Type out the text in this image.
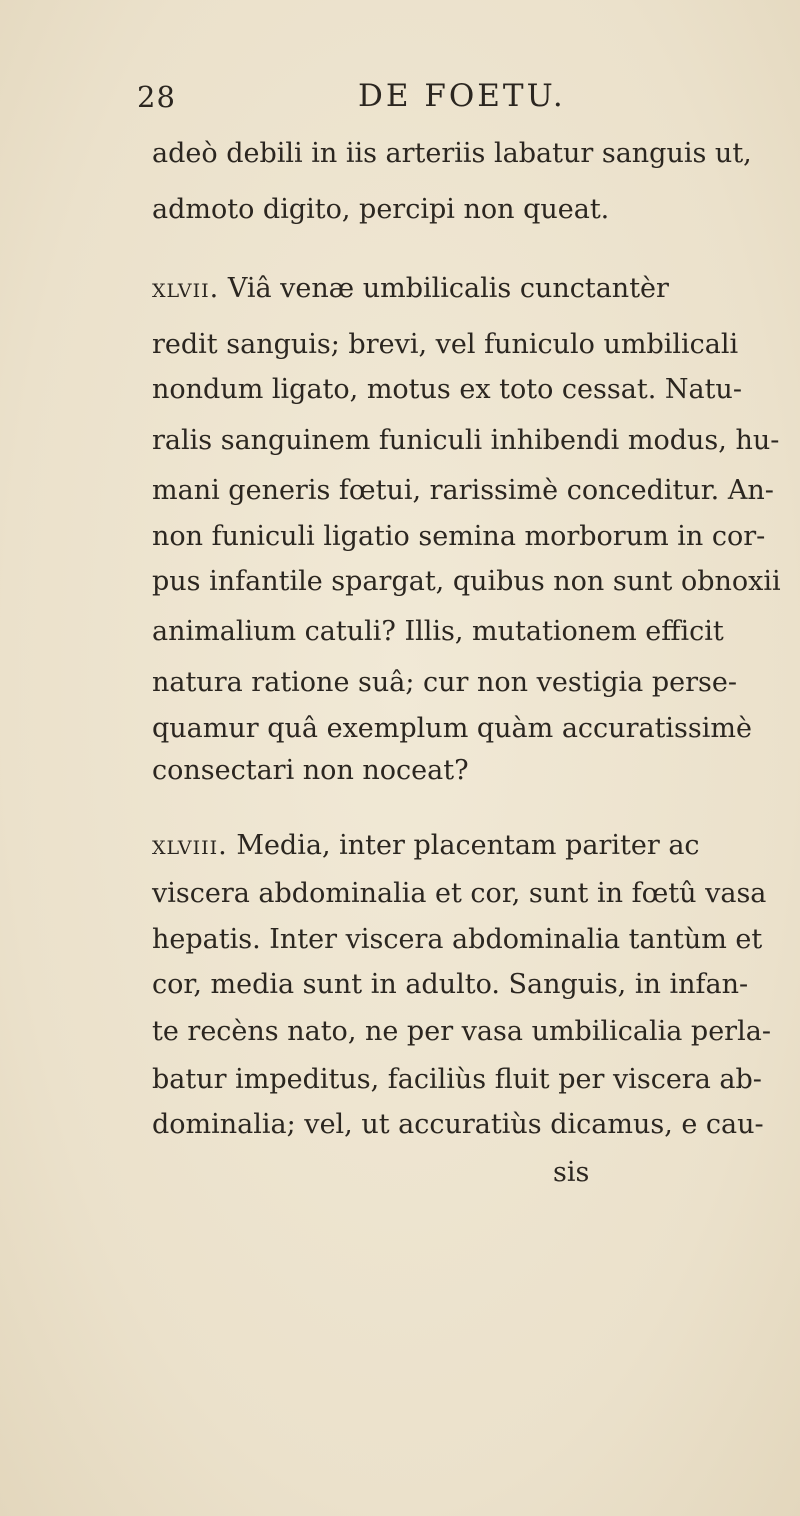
28	DE FOETU.
adeò debili in iis arteriis labatur sanguis ut,
admoto digito, percipi non queat.
xlvii. Viâ venæ umbilicalis cunctantèr
redit sanguis; brevi, vel funiculo umbilicali
nondum ligato, motus ex toto cessat. Natu-
ralis sanguinem funiculi inhibendi modus, hu-
mani generis fœtui, rarissimè conceditur. An-
non funiculi ligatio semina morborum in cor-
pus infantile spargat, quibus non sunt obnoxii
animalium catuli? Illis, mutationem efficit
natura ratione suâ; cur non vestigia perse-
quamur quâ exemplum quàm accuratissimè
consectari non noceat?
xlviii. Media, inter placentam pariter ac
viscera abdominalia et cor, sunt in fœtû vasa
hepatis. Inter viscera abdominalia tantùm et
cor, media sunt in adulto. Sanguis, in infan-
te recèns nato, ne per vasa umbilicalia perla-
batur impeditus, faciliùs fluit per viscera ab-
dominalia; vel, ut accuratiùs dicamus, e cau-
sis
